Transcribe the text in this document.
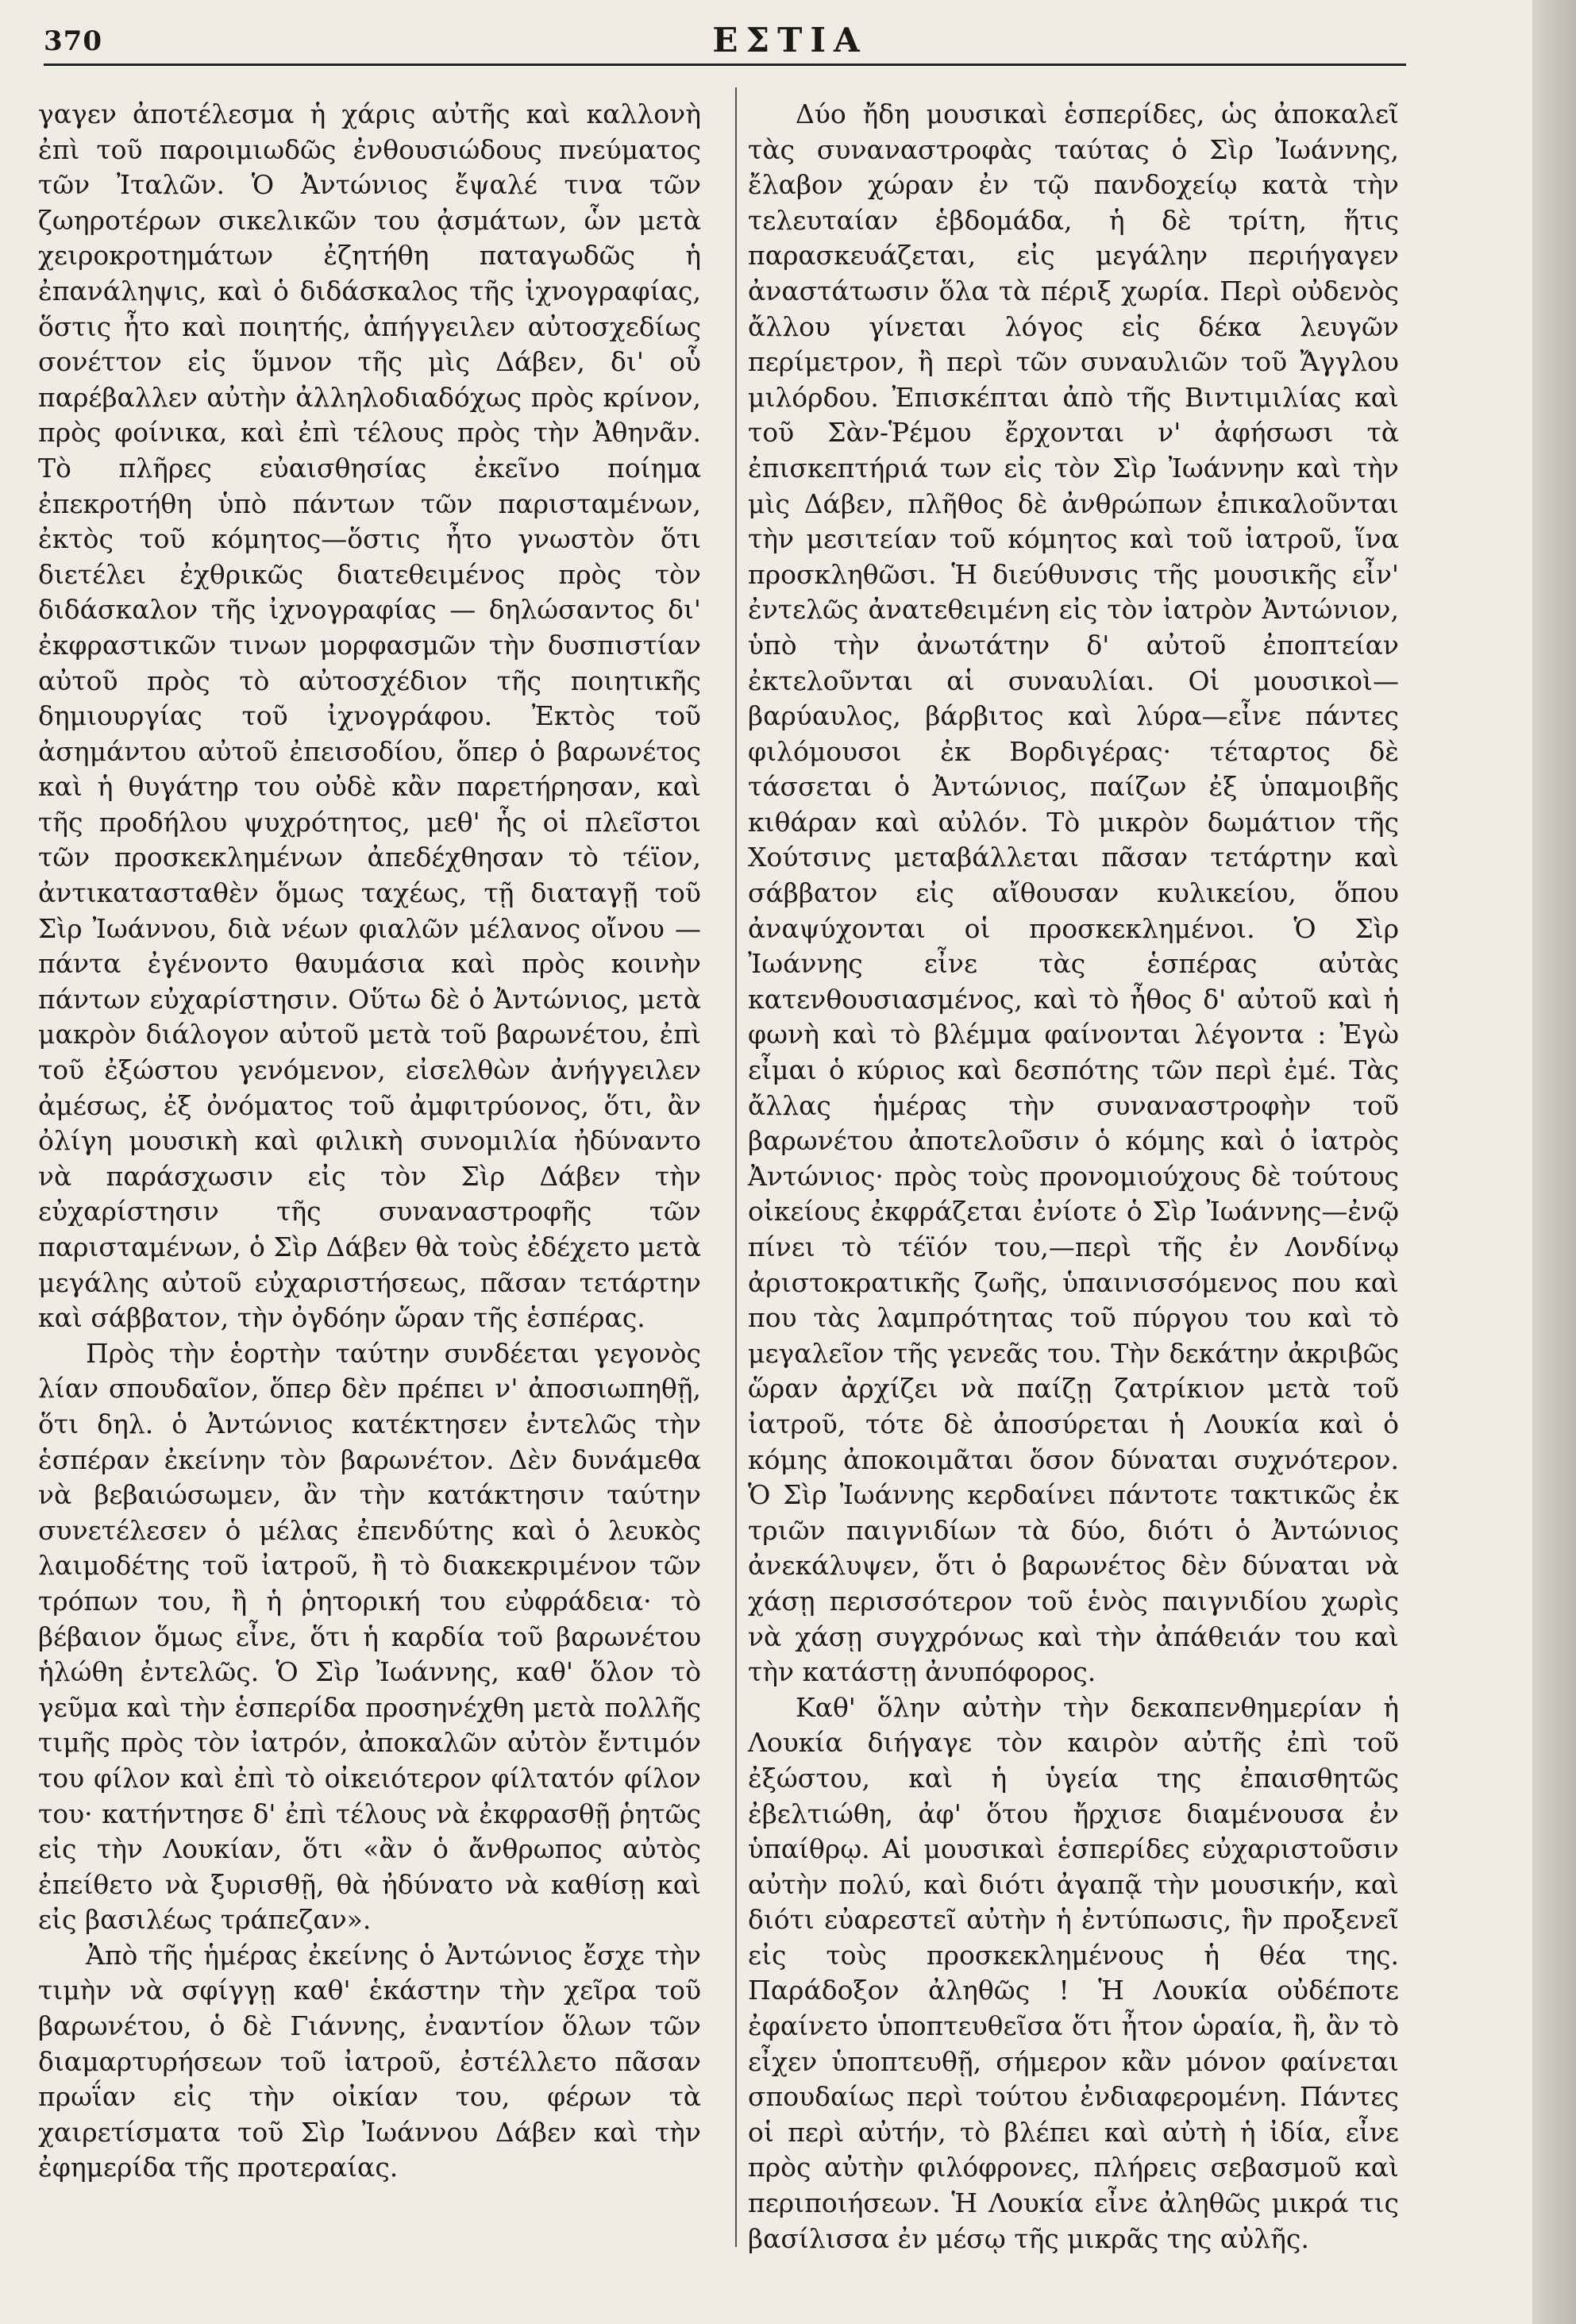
370	ΕΣΤΙΑ

γαγεν ἀποτέλεσμα ἡ χάρις αὐτῆς καὶ καλλονὴ ἐπὶ τοῦ παροιμιωδῶς ἐνθουσιώδους πνεύματος τῶν Ἰταλῶν. Ὁ Ἀντώνιος ἔψαλέ τινα τῶν ζωηροτέρων σικελικῶν του ᾀσμάτων, ὧν μετὰ χειροκροτημάτων ἐζητήθη παταγωδῶς ἡ ἐπανάληψις, καὶ ὁ διδάσκαλος τῆς ἰχνογραφίας, ὅστις ἦτο καὶ ποιητής, ἀπήγγειλεν αὐτοσχεδίως σονέττον εἰς ὕμνον τῆς μὶς Δάβεν, δι' οὗ παρέβαλλεν αὐτὴν ἀλληλοδιαδόχως πρὸς κρίνον, πρὸς φοίνικα, καὶ ἐπὶ τέλους πρὸς τὴν Ἀθηνᾶν. Τὸ πλῆρες εὐαισθησίας ἐκεῖνο ποίημα ἐπεκροτήθη ὑπὸ πάντων τῶν παρισταμένων, ἐκτὸς τοῦ κόμητος—ὅστις ἦτο γνωστὸν ὅτι διετέλει ἐχθρικῶς διατεθειμένος πρὸς τὸν διδάσκαλον τῆς ἰχνογραφίας — δηλώσαντος δι' ἐκφραστικῶν τινων μορφασμῶν τὴν δυσπιστίαν αὐτοῦ πρὸς τὸ αὐτοσχέδιον τῆς ποιητικῆς δημιουργίας τοῦ ἰχνογράφου. Ἐκτὸς τοῦ ἀσημάντου αὐτοῦ ἐπεισοδίου, ὅπερ ὁ βαρωνέτος καὶ ἡ θυγάτηρ του οὐδὲ κἂν παρετήρησαν, καὶ τῆς προδήλου ψυχρότητος, μεθ' ἧς οἱ πλεῖστοι τῶν προσκεκλημένων ἀπεδέχθησαν τὸ τέϊον, ἀντικατασταθὲν ὅμως ταχέως, τῇ διαταγῇ τοῦ Σὶρ Ἰωάννου, διὰ νέων φιαλῶν μέλανος οἴνου — πάντα ἐγένοντο θαυμάσια καὶ πρὸς κοινὴν πάντων εὐχαρίστησιν. Οὕτω δὲ ὁ Ἀντώνιος, μετὰ μακρὸν διάλογον αὐτοῦ μετὰ τοῦ βαρωνέτου, ἐπὶ τοῦ ἐξώστου γενόμενον, εἰσελθὼν ἀνήγγειλεν ἀμέσως, ἐξ ὀνόματος τοῦ ἀμφιτρύονος, ὅτι, ἂν ὀλίγη μουσικὴ καὶ φιλικὴ συνομιλία ἠδύναντο νὰ παράσχωσιν εἰς τὸν Σὶρ Δάβεν τὴν εὐχαρίστησιν τῆς συναναστροφῆς τῶν παρισταμένων, ὁ Σὶρ Δάβεν θὰ τοὺς ἐδέχετο μετὰ μεγάλης αὐτοῦ εὐχαριστήσεως, πᾶσαν τετάρτην καὶ σάββατον, τὴν ὀγδόην ὥραν τῆς ἑσπέρας.

Πρὸς τὴν ἑορτὴν ταύτην συνδέεται γεγονὸς λίαν σπουδαῖον, ὅπερ δὲν πρέπει ν' ἀποσιωπηθῇ, ὅτι δηλ. ὁ Ἀντώνιος κατέκτησεν ἐντελῶς τὴν ἑσπέραν ἐκείνην τὸν βαρωνέτον. Δὲν δυνάμεθα νὰ βεβαιώσωμεν, ἂν τὴν κατάκτησιν ταύτην συνετέλεσεν ὁ μέλας ἐπενδύτης καὶ ὁ λευκὸς λαιμοδέτης τοῦ ἰατροῦ, ἢ τὸ διακεκριμένον τῶν τρόπων του, ἢ ἡ ῥητορική του εὐφράδεια· τὸ βέβαιον ὅμως εἶνε, ὅτι ἡ καρδία τοῦ βαρωνέτου ἡλώθη ἐντελῶς. Ὁ Σὶρ Ἰωάννης, καθ' ὅλον τὸ γεῦμα καὶ τὴν ἑσπερίδα προσηνέχθη μετὰ πολλῆς τιμῆς πρὸς τὸν ἰατρόν, ἀποκαλῶν αὐτὸν ἔντιμόν του φίλον καὶ ἐπὶ τὸ οἰκειότερον φίλτατόν φίλον του· κατήντησε δ' ἐπὶ τέλους νὰ ἐκφρασθῇ ῥητῶς εἰς τὴν Λουκίαν, ὅτι «ἂν ὁ ἄνθρωπος αὐτὸς ἐπείθετο νὰ ξυρισθῇ, θὰ ἠδύνατο νὰ καθίσῃ καὶ εἰς βασιλέως τράπεζαν».

Ἀπὸ τῆς ἡμέρας ἐκείνης ὁ Ἀντώνιος ἔσχε τὴν τιμὴν νὰ σφίγγῃ καθ' ἑκάστην τὴν χεῖρα τοῦ βαρωνέτου, ὁ δὲ Γιάννης, ἐναντίον ὅλων τῶν διαμαρτυρήσεων τοῦ ἰατροῦ, ἐστέλλετο πᾶσαν πρωΐαν εἰς τὴν οἰκίαν του, φέρων τὰ χαιρετίσματα τοῦ Σὶρ Ἰωάννου Δάβεν καὶ τὴν ἐφημερίδα τῆς προτεραίας.

Δύο ἤδη μουσικαὶ ἑσπερίδες, ὡς ἀποκαλεῖ τὰς συναναστροφὰς ταύτας ὁ Σὶρ Ἰωάννης, ἔλαβον χώραν ἐν τῷ πανδοχείῳ κατὰ τὴν τελευταίαν ἑβδομάδα, ἡ δὲ τρίτη, ἥτις παρασκευάζεται, εἰς μεγάλην περιήγαγεν ἀναστάτωσιν ὅλα τὰ πέριξ χωρία. Περὶ οὐδενὸς ἄλλου γίνεται λόγος εἰς δέκα λευγῶν περίμετρον, ἢ περὶ τῶν συναυλιῶν τοῦ Ἄγγλου μιλόρδου. Ἐπισκέπται ἀπὸ τῆς Βιντιμιλίας καὶ τοῦ Σὰν-Ῥέμου ἔρχονται ν' ἀφήσωσι τὰ ἐπισκεπτήριά των εἰς τὸν Σὶρ Ἰωάννην καὶ τὴν μὶς Δάβεν, πλῆθος δὲ ἀνθρώπων ἐπικαλοῦνται τὴν μεσιτείαν τοῦ κόμητος καὶ τοῦ ἰατροῦ, ἵνα προσκληθῶσι. Ἡ διεύθυνσις τῆς μουσικῆς εἶν' ἐντελῶς ἀνατεθειμένη εἰς τὸν ἰατρὸν Ἀντώνιον, ὑπὸ τὴν ἀνωτάτην δ' αὐτοῦ ἐποπτείαν ἐκτελοῦνται αἱ συναυλίαι. Οἱ μουσικοὶ—βαρύαυλος, βάρβιτος καὶ λύρα—εἶνε πάντες φιλόμουσοι ἐκ Βορδιγέρας· τέταρτος δὲ τάσσεται ὁ Ἀντώνιος, παίζων ἐξ ὑπαμοιβῆς κιθάραν καὶ αὐλόν. Τὸ μικρὸν δωμάτιον τῆς Χούτσινς μεταβάλλεται πᾶσαν τετάρτην καὶ σάββατον εἰς αἴθουσαν κυλικείου, ὅπου ἀναψύχονται οἱ προσκεκλημένοι. Ὁ Σὶρ Ἰωάννης εἶνε τὰς ἑσπέρας αὐτὰς κατενθουσιασμένος, καὶ τὸ ἦθος δ' αὐτοῦ καὶ ἡ φωνὴ καὶ τὸ βλέμμα φαίνονται λέγοντα : Ἐγὼ εἶμαι ὁ κύριος καὶ δεσπότης τῶν περὶ ἐμέ. Τὰς ἄλλας ἡμέρας τὴν συναναστροφὴν τοῦ βαρωνέτου ἀποτελοῦσιν ὁ κόμης καὶ ὁ ἰατρὸς Ἀντώνιος· πρὸς τοὺς προνομιούχους δὲ τούτους οἰκείους ἐκφράζεται ἐνίοτε ὁ Σὶρ Ἰωάννης—ἐνῷ πίνει τὸ τέϊόν του,—περὶ τῆς ἐν Λονδίνῳ ἀριστοκρατικῆς ζωῆς, ὑπαινισσόμενος που καὶ που τὰς λαμπρότητας τοῦ πύργου του καὶ τὸ μεγαλεῖον τῆς γενεᾶς του. Τὴν δεκάτην ἀκριβῶς ὥραν ἀρχίζει νὰ παίζῃ ζατρίκιον μετὰ τοῦ ἰατροῦ, τότε δὲ ἀποσύρεται ἡ Λουκία καὶ ὁ κόμης ἀποκοιμᾶται ὅσον δύναται συχνότερον. Ὁ Σὶρ Ἰωάννης κερδαίνει πάντοτε τακτικῶς ἐκ τριῶν παιγνιδίων τὰ δύο, διότι ὁ Ἀντώνιος ἀνεκάλυψεν, ὅτι ὁ βαρωνέτος δὲν δύναται νὰ χάσῃ περισσότερον τοῦ ἑνὸς παιγνιδίου χωρὶς νὰ χάσῃ συγχρόνως καὶ τὴν ἀπάθειάν του καὶ τὴν κατάστῃ ἀνυπόφορος.

Καθ' ὅλην αὐτὴν τὴν δεκαπενθημερίαν ἡ Λουκία διήγαγε τὸν καιρὸν αὐτῆς ἐπὶ τοῦ ἐξώστου, καὶ ἡ ὑγεία της ἐπαισθητῶς ἐβελτιώθη, ἀφ' ὅτου ἤρχισε διαμένουσα ἐν ὑπαίθρῳ. Αἱ μουσικαὶ ἑσπερίδες εὐχαριστοῦσιν αὐτὴν πολύ, καὶ διότι ἀγαπᾷ τὴν μουσικήν, καὶ διότι εὐαρεστεῖ αὐτὴν ἡ ἐντύπωσις, ἣν προξενεῖ εἰς τοὺς προσκεκλημένους ἡ θέα της. Παράδοξον ἀληθῶς ! Ἡ Λουκία οὐδέποτε ἐφαίνετο ὑποπτευθεῖσα ὅτι ἦτον ὡραία, ἢ, ἂν τὸ εἶχεν ὑποπτευθῇ, σήμερον κἂν μόνον φαίνεται σπουδαίως περὶ τούτου ἐνδιαφερομένη. Πάντες οἱ περὶ αὐτήν, τὸ βλέπει καὶ αὐτὴ ἡ ἰδία, εἶνε πρὸς αὐτὴν φιλόφρονες, πλήρεις σεβασμοῦ καὶ περιποιήσεων. Ἡ Λουκία εἶνε ἀληθῶς μικρά τις βασίλισσα ἐν μέσῳ τῆς μικρᾶς της αὐλῆς.
